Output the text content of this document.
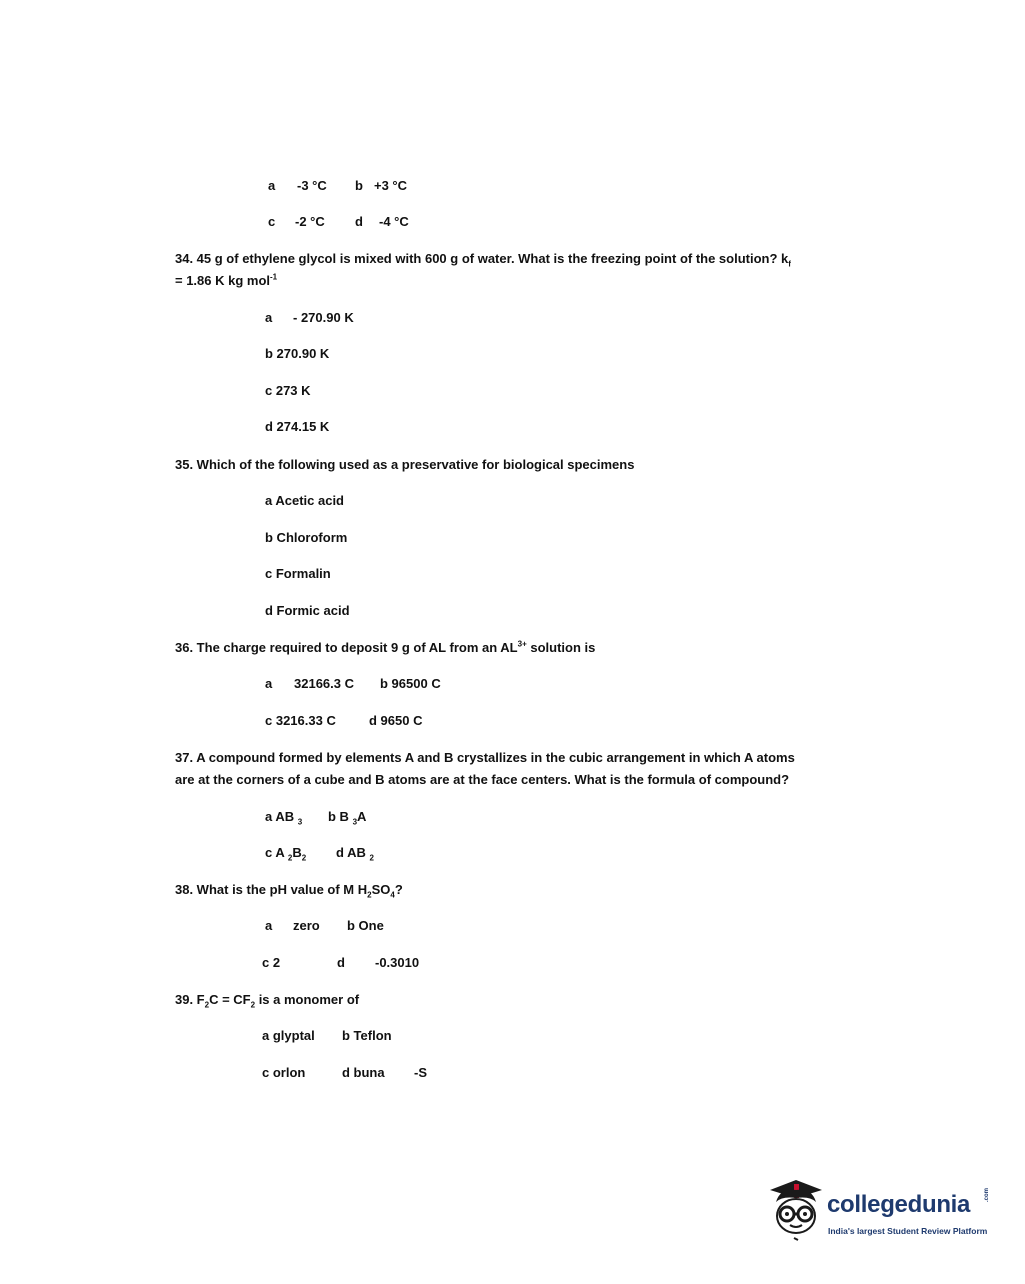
a -3 °C b +3 °C
c -2 °C d -4 °C
34. 45 g of ethylene glycol is mixed with 600 g of water. What is the freezing point of the solution? $k_f$
= 1.86 K kg mol$^{-1}$
a - 270.90 K
b 270.90 K
c 273 K
d 274.15 K
35. Which of the following used as a preservative for biological specimens
a Acetic acid
b Chloroform
c Formalin
d Formic acid
36. The charge required to deposit 9 g of AL from an $AL^{3+}$ solution is
a 32166.3 C b 96500 C
c 3216.33 C	d 9650 C
37. A compound formed by elements A and B crystallizes in the cubic arrangement in which A atoms
are at the corners of a cube and B atoms are at the face centers. What is the formula of compound?
a AB $_3$ b B $_3$A
c A $_2B_2$ d AB $_2$
38. What is the pH value of M $H_2SO_4$?
a zero b One
c 2	d -0.3010
39. $F_2C = CF_2$ is a monomer of
a glyptal b Teflon
c orlon	d buna -S
collegedunia .com
India's largest Student Review Platform
